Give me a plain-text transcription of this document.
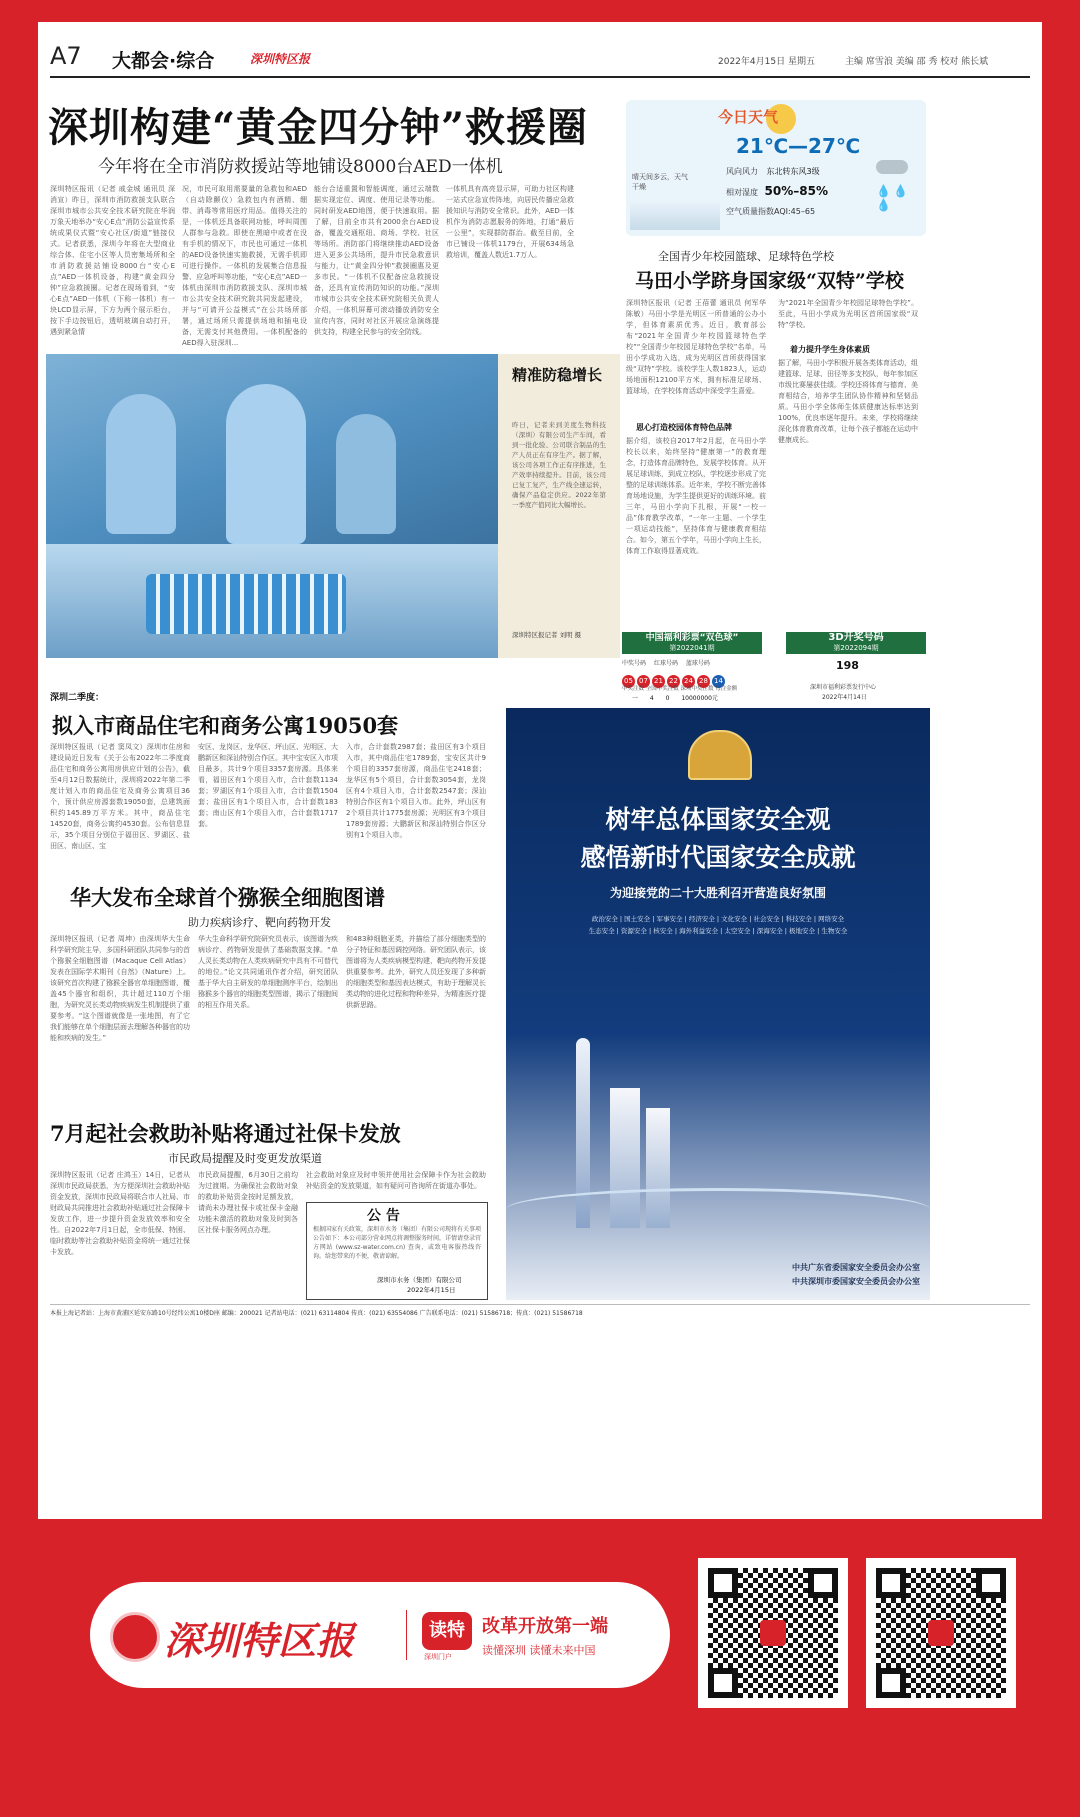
A7 大都会·综合	深圳特区报	2022年4月15日 星期五	主编 席雪浪 美编 邵 秀 校对 熊长斌
深圳构建“黄金四分钟”救援圈
今年将在全市消防救援站等地铺设8000台AED一体机
深圳特区报讯（记者 戚金城 通讯员 深消宣）昨日，深圳市消防救援支队联合深圳市城市公共安全技术研究院在华润万象天地举办“安心E点”消防公益宣传系统成果仪式暨“安心社区/街道”链接仪式。记者获悉，深圳今年将在大型商业综合体、住宅小区等人员密集场所和全市消防救援站铺设8000台“安心E点”AED一体机设备，构建“黄金四分钟”应急救援圈。记者在现场看到，“安心E点”AED一体机（下称一体机）有一块LCD显示屏，下方为两个展示柜台，按下手边按钮后，透明玻璃自动打开，遇到紧急情
况，市民可取用需要量的急救包和AED（自动除颤仪）急救包内有酒精、绷带、消毒等常用医疗用品。值得关注的是，一体机还具备联网功能，呼叫周围人群参与急救。即使在黑暗中或者在没有手机的情况下，市民也可通过一体机的AED设备快速实施救援，无需手机即可进行操作。一体机的发展集合信息报警、应急呼叫等功能，“安心E点”AED一体机由深圳市消防救援支队、深圳市城市公共安全技术研究院共同发起建设，并与“可请开公益模式”在公共场所部署，通过场所只需提供场地和插电设备，无需支付其他费用。一体机配备的AED得入驻深圳...
能台合适重置和智能调度，通过云端数据实现定位、调度、使用记录等功能。同时研发AED地图，便于快速取用。据了解，目前全市共有2000余台AED设备，覆盖交通枢纽、商场、学校、社区等场所。消防部门将继续推动AED设备进入更多公共场所，提升市民急救意识与能力，让“黄金四分钟”救援圈惠及更多市民。“一体机不仅配备应急救援设备，还具有宣传消防知识的功能。”深圳市城市公共安全技术研究院相关负责人介绍，一体机屏幕可滚动播放消防安全宣传内容，同时对社区开展应急演练提供支持，构建全民参与的安全防线。
一体机具有高亮显示屏，可助力社区构建一站式应急宣传阵地，向居民传播应急救援知识与消防安全常识。此外，AED一体机作为消防志愿服务的阵地，打通“最后一公里”，实现群防群治。截至目前，全市已铺设一体机1179台，开展634场急救培训，覆盖人数近1.7万人。
今日天气
21℃—27℃
晴天间多云，天气干燥
风向风力 东北转东风3级
相对湿度 50%–85%	💧💧💧
空气质量指数AQI:45–65
全国青少年校园篮球、足球特色学校
马田小学跻身国家级“双特”学校
深圳特区报讯（记者 王蓓蕾 通讯员 何军华 陈敏）马田小学是光明区一所普通的公办小学，但体育素质优秀。近日，教育部公布“2021年全国青少年校园篮球特色学校”“全国青少年校园足球特色学校”名单，马田小学成功入选，成为光明区首所获得国家级“双特”学校。该校学生人数1823人，运动场地面积12100平方米，拥有标准足球场、篮球场，在学校体育活动中深受学生喜爱。
为“2021年全国青少年校园足球特色学校”。至此，马田小学成为光明区首所国家级“双特”学校。
着力提升学生身体素质
恩心打造校园体育特色品牌
据介绍，该校自2017年2月起，在马田小学校长以来，始终坚持“健康第一”的教育理念，打造体育品牌特色，发展学校体育。从开展足球训练，到成立校队，学校逐步形成了完整的足球训练体系。近年来，学校不断完善体育场地设施，为学生提供更好的训练环境。前三年，马田小学向下扎根，开展“一校一品”体育教学改革，“一年一主题、一个学生一项运动技能”，坚持体育与健康教育相结合。如今，第五个学年，马田小学向上生长，体育工作取得显著成效。
据了解，马田小学积极开展各类体育活动，组建篮球、足球、田径等多支校队，每年参加区市级比赛屡获佳绩。学校还将体育与德育、美育相结合，培养学生团队协作精神和坚韧品质。马田小学全体师生体质健康达标率达到100%，优良率逐年提升。未来，学校将继续深化体育教育改革，让每个孩子都能在运动中健康成长。
精准防稳增长
昨日，记者来到美度生物科技（深圳）有限公司生产车间，看到一批化验、公司联合制品的生产人员正在有序生产。据了解，该公司各项工作正有序推进，生产效率持续提升。目前，该公司已复工复产，生产线全速运转，确保产品稳定供应。2022年第一季度产值同比大幅增长。
深圳特区报记者 刘明 摄	中国福利彩票“双色球”
第2022041期
3D开奖号码
第2022094期
中奖号码 红球号码 蓝球号码
05 07 21 22 24 28 14
中奖注数 全国中奖注数 深圳中奖注数 每注金额
一 4 0 10000000元
198
深圳市福利彩票发行中心
2022年4月14日
深圳二季度：
拟入市商品住宅和商务公寓19050套
深圳特区报讯（记者 窦凤文）深圳市住房和建设局近日发布《关于公布2022年二季度商品住宅和商务公寓用房供应计划的公告》，截至4月12日数据统计，深圳将2022年第二季度计划入市的商品住宅及商务公寓项目36个，预计供应房源套数19050套，总建筑面积约145.89万平方米。其中，商品住宅14520套，商务公寓约4530套。公布信息显示，35个项目分别位于福田区、罗湖区、盐田区、南山区、宝
安区、龙岗区、龙华区、坪山区、光明区、大鹏新区和深汕特别合作区。其中宝安区入市项目最多，共计9个项目3357套房源。具体来看，福田区有1个项目入市，合计套数1134套；罗湖区有1个项目入市，合计套数1504套；盐田区有1个项目入市，合计套数183套；南山区有1个项目入市，合计套数1717套。
入市，合计套数2987套；盐田区有3个项目入市，其中商品住宅1789套，宝安区共计9个项目的3357套房源，商品住宅2418套；龙华区有5个项目，合计套数3054套，龙岗区有4个项目入市，合计套数2547套；深汕特别合作区有1个项目入市。此外，坪山区有2个项目共计1775套房源；光明区有3个项目1789套房源；大鹏新区和深汕特别合作区分别有1个项目入市。
华大发布全球首个猕猴全细胞图谱
助力疾病诊疗、靶向药物开发
深圳特区报讯（记者 周坤）由深圳华大生命科学研究院主导，多国科研团队共同参与的首个猕猴全细胞图谱（Macaque Cell Atlas）发表在国际学术期刊《自然》（Nature）上。该研究首次构建了猕猴全器官单细胞图谱，覆盖45个器官和组织，共计超过110万个细胞，为研究灵长类动物疾病发生机制提供了重要参考。“这个图谱就像是一张地图，有了它我们能够在单个细胞层面去理解各种器官的功能和疾病的发生。”
华大生命科学研究院研究员表示，该图谱为疾病诊疗、药物研发提供了基础数据支撑。“单人灵长类动物在人类疾病研究中具有不可替代的地位。”论文共同通讯作者介绍，研究团队基于华大自主研发的单细胞测序平台，绘制出猕猴多个器官的细胞类型图谱，揭示了细胞间的相互作用关系。
和483种细胞亚类，并描绘了部分细胞类型的分子特征和基因调控网络。研究团队表示，该图谱将为人类疾病模型构建、靶向药物开发提供重要参考。此外，研究人员还发现了多种新的细胞类型和基因表达模式，有助于理解灵长类动物的进化过程和物种差异，为精准医疗提供新思路。
7月起社会救助补贴将通过社保卡发放
市民政局提醒及时变更发放渠道
深圳特区报讯（记者 庄鸿玉）14日，记者从深圳市民政局获悉，为方便深圳社会救助补贴资金发放，深圳市民政局将联合市人社局、市财政局共同推进社会救助补贴通过社会保障卡发放工作，进一步提升资金发放效率和安全性。自2022年7月1日起，全市低保、特困、临时救助等社会救助补贴资金将统一通过社保卡发放。
市民政局提醒，6月30日之前均为过渡期。为确保社会救助对象的救助补贴资金按时足额发放，请尚未办理社保卡或社保卡金融功能未激活的救助对象及时到各区社保卡服务网点办理。
社会救助对象应及时申领并使用社会保障卡作为社会救助补贴资金的发放渠道，如有疑问可咨询所在街道办事处。
公 告
根据国家有关政策，深圳市水务（集团）有限公司现将有关事项公告如下：本公司部分营业网点将调整服务时间，详情请登录官方网站 (www.sz-water.com.cn) 查询，或致电客服热线咨询。给您带来的不便，敬请谅解。
深圳市水务（集团）有限公司
2022年4月15日
树牢总体国家安全观
感悟新时代国家安全成就
为迎接党的二十大胜利召开营造良好氛围
政治安全 | 国土安全 | 军事安全 | 经济安全 | 文化安全 | 社会安全 | 科技安全 | 网络安全
生态安全 | 资源安全 | 核安全 | 海外利益安全 | 太空安全 | 深海安全 | 极地安全 | 生物安全
中共广东省委国家安全委员会办公室
中共深圳市委国家安全委员会办公室
本报上海记者站：上海市黄浦区延安东路10号经纬公寓10楼D座 邮编：200021 记者站电话：(021) 63114804 传真：(021) 63554086 广告联系电话：(021) 51586718；传真：(021) 51586718
深圳特区报	读特
深圳门户
改革开放第一端
读懂深圳 读懂未来中国
